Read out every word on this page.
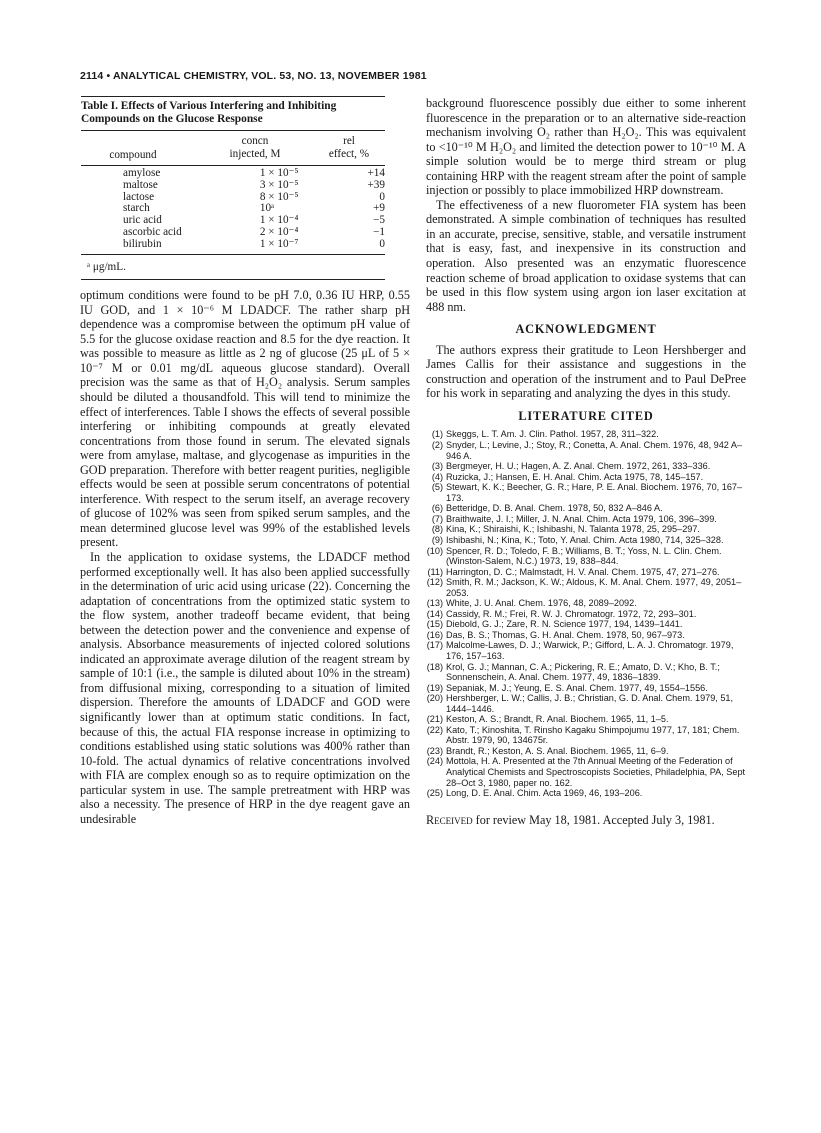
2114 • ANALYTICAL CHEMISTRY, VOL. 53, NO. 13, NOVEMBER 1981
Table I. Effects of Various Interfering and Inhibiting
Compounds on the Glucose Response
compound
concn
injected, M
rel
effect, %
amylose	1 × 10⁻⁵	+14
maltose	3 × 10⁻⁵	+39
lactose	8 × 10⁻⁵	0
starch	10ᵃ	+9
uric acid	1 × 10⁻⁴	−5
ascorbic acid	2 × 10⁻⁴	−1
bilirubin	1 × 10⁻⁷	0
ᵃ μg/mL.

optimum conditions were found to be pH 7.0, 0.36 IU HRP, 0.55 IU GOD, and 1 × 10⁻⁶ M LDADCF. The rather sharp pH dependence was a compromise between the optimum pH value of 5.5 for the glucose oxidase reaction and 8.5 for the dye reaction. It was possible to measure as little as 2 ng of glucose (25 μL of 5 × 10⁻⁷ M or 0.01 mg/dL aqueous glucose standard). Overall precision was the same as that of H₂O₂ analysis. Serum samples should be diluted a thousandfold. This will tend to minimize the effect of interferences. Table I shows the effects of several possible interfering or inhibiting compounds at greatly elevated concentrations from those found in serum. The elevated signals were from amylase, maltase, and glycogenase as impurities in the GOD preparation. Therefore with better reagent purities, negligible effects would be seen at possible serum concentratons of potential interference. With respect to the serum itself, an average recovery of glucose of 102% was seen from spiked serum samples, and the mean determined glucose level was 99% of the established levels present.

In the application to oxidase systems, the LDADCF method performed exceptionally well. It has also been applied successfully in the determination of uric acid using uricase (22). Concerning the adaptation of concentrations from the optimized static system to the flow system, another tradeoff became evident, that being between the detection power and the convenience and expense of analysis. Absorbance measurements of injected colored solutions indicated an approximate average dilution of the reagent stream by sample of 10:1 (i.e., the sample is diluted about 10% in the stream) from diffusional mixing, corresponding to a situation of limited dispersion. Therefore the amounts of LDADCF and GOD were significantly lower than at optimum static conditions. In fact, because of this, the actual FIA response increase in optimizing to conditions established using static solutions was 400% rather than 10-fold. The actual dynamics of relative concentrations involved with FIA are complex enough so as to require optimization on the particular system in use. The sample pretreatment with HRP was also a necessity. The presence of HRP in the dye reagent gave an undesirable

background fluorescence possibly due either to some inherent fluorescence in the preparation or to an alternative side-reaction mechanism involving O₂ rather than H₂O₂. This was equivalent to <10⁻¹⁰ M H₂O₂ and limited the detection power to 10⁻¹⁰ M. A simple solution would be to merge third stream or plug containing HRP with the reagent stream after the point of sample injection or possibly to place immobilized HRP downstream.

The effectiveness of a new fluorometer FIA system has been demonstrated. A simple combination of techniques has resulted in an accurate, precise, sensitive, stable, and versatile instrument that is easy, fast, and inexpensive in its construction and operation. Also presented was an enzymatic fluorescence reaction scheme of broad application to oxidase systems that can be used in this flow system using argon ion laser excitation at 488 nm.

ACKNOWLEDGMENT

The authors express their gratitude to Leon Hershberger and James Callis for their assistance and suggestions in the construction and operation of the instrument and to Paul DePree for his work in separating and analyzing the dyes in this study.

LITERATURE CITED
(1) Skeggs, L. T. Am. J. Clin. Pathol. 1957, 28, 311–322.
(2) Snyder, L.; Levine, J.; Stoy, R.; Conetta, A. Anal. Chem. 1976, 48, 942 A–946 A.
(3) Bergmeyer, H. U.; Hagen, A. Z. Anal. Chem. 1972, 261, 333–336.
(4) Ruzicka, J.; Hansen, E. H. Anal. Chim. Acta 1975, 78, 145–157.
(5) Stewart, K. K.; Beecher, G. R.; Hare, P. E. Anal. Biochem. 1976, 70, 167–173.
(6) Betteridge, D. B. Anal. Chem. 1978, 50, 832 A–846 A.
(7) Braithwaite, J. I.; Miller, J. N. Anal. Chim. Acta 1979, 106, 396–399.
(8) Kina, K.; Shiraishi, K.; Ishibashi, N. Talanta 1978, 25, 295–297.
(9) Ishibashi, N.; Kina, K.; Toto, Y. Anal. Chim. Acta 1980, 714, 325–328.
(10) Spencer, R. D.; Toledo, F. B.; Williams, B. T.; Yoss, N. L. Clin. Chem. (Winston-Salem, N.C.) 1973, 19, 838–844.
(11) Harrington, D. C.; Malmstadt, H. V. Anal. Chem. 1975, 47, 271–276.
(12) Smith, R. M.; Jackson, K. W.; Aldous, K. M. Anal. Chem. 1977, 49, 2051–2053.
(13) White, J. U. Anal. Chem. 1976, 48, 2089–2092.
(14) Cassidy, R. M.; Frei, R. W. J. Chromatogr. 1972, 72, 293–301.
(15) Diebold, G. J.; Zare, R. N. Science 1977, 194, 1439–1441.
(16) Das, B. S.; Thomas, G. H. Anal. Chem. 1978, 50, 967–973.
(17) Malcolme-Lawes, D. J.; Warwick, P.; Gifford, L. A. J. Chromatogr. 1979, 176, 157–163.
(18) Krol, G. J.; Mannan, C. A.; Pickering, R. E.; Amato, D. V.; Kho, B. T.; Sonnenschein, A. Anal. Chem. 1977, 49, 1836–1839.
(19) Sepaniak, M. J.; Yeung, E. S. Anal. Chem. 1977, 49, 1554–1556.
(20) Hershberger, L. W.; Callis, J. B.; Christian, G. D. Anal. Chem. 1979, 51, 1444–1446.
(21) Keston, A. S.; Brandt, R. Anal. Biochem. 1965, 11, 1–5.
(22) Kato, T.; Kinoshita, T. Rinsho Kagaku Shimpojumu 1977, 17, 181; Chem. Abstr. 1979, 90, 134675r.
(23) Brandt, R.; Keston, A. S. Anal. Biochem. 1965, 11, 6–9.
(24) Mottola, H. A. Presented at the 7th Annual Meeting of the Federation of Analytical Chemists and Spectroscopists Societies, Philadelphia, PA, Sept 28–Oct 3, 1980, paper no. 162.
(25) Long, D. E. Anal. Chim. Acta 1969, 46, 193–206.
Received for review May 18, 1981. Accepted July 3, 1981.
